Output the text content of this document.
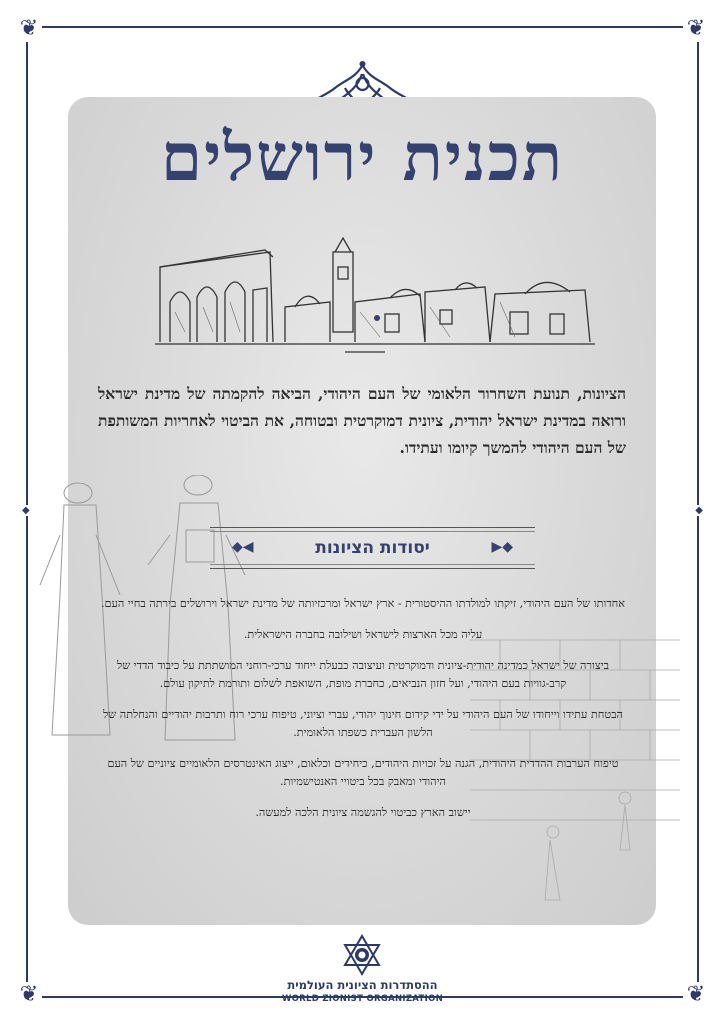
❦	❦
❦	❦
◆	◆
תכנית ירושלים

הציונות, תנועת השחרור הלאומי של העם היהודי, הביאה להקמתה של מדינת ישראל ורואה במדינת ישראל יהודית, ציונית דמוקרטית ובטוחה, את הביטוי לאחריות המשותפת של העם היהודי להמשך קיומו ועתידו.

◆◀	יסודות הציונות	▶◆

אחדותו של העם היהודי, זיקתו למולדתו ההיסטורית - ארץ ישראל ומרכזיותה של מדינת ישראל וירושלים בירתה בחיי העם.

עליה מכל הארצות לישראל ושילובה בחברה הישראלית.

ביצורה של ישראל כמדינה יהודית-ציונית ודמוקרטית ועיצובה כבעלת ייחוד ערכי-רוחני המושתתת על כיבוד הדדי של קרב-גוויות בעם היהודי, ועל חזון הנביאים, כחברת מופת, השואפת לשלום ותורמת לתיקון עולם.

הבטחת עתידו וייחודו של העם היהודי על ידי קידום חינוך יהודי, עברי וציוני, טיפוח ערכי רוח ותרבות יהודיים והנחלתה של הלשון העברית כשפתו הלאומית.

טיפוח הערבות ההדדית היהודית, הגנה על זכויות היהודים, כיחידים וכלאום, ייצוג האינטרסים הלאומיים ציוניים של העם היהודי ומאבק בכל ביטויי האנטישמיות.

יישוב הארץ כביטוי להגשמה ציונית הלכה למעשה.

ההסתדרות הציונית העולמית
WORLD ZIONIST ORGANIZATION
